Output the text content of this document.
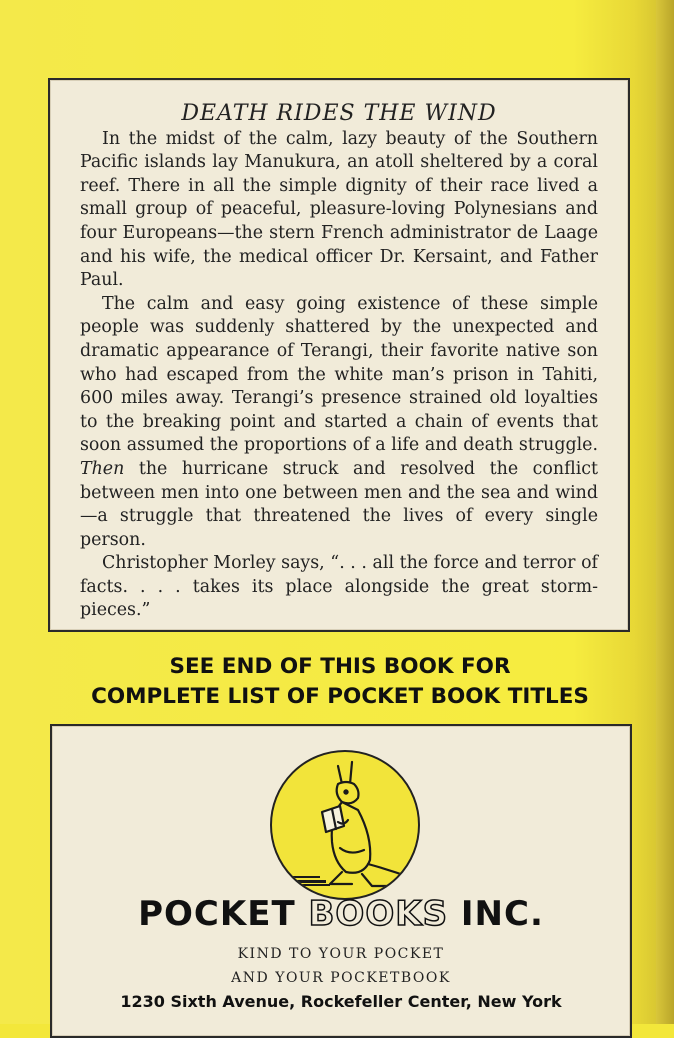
DEATH RIDES THE WIND

In the midst of the calm, lazy beauty of the Southern Pacific islands lay Manukura, an atoll sheltered by a coral reef. There in all the simple dignity of their race lived a small group of peaceful, pleasure-loving Polynesians and four Europeans—the stern French administrator de Laage and his wife, the medical officer Dr. Kersaint, and Father Paul.

The calm and easy going existence of these simple people was suddenly shattered by the unexpected and dramatic appearance of Terangi, their favorite native son who had escaped from the white man’s prison in Tahiti, 600 miles away. Terangi’s presence strained old loyalties to the breaking point and started a chain of events that soon assumed the proportions of a life and death struggle. Then the hurricane struck and resolved the conflict between men into one between men and the sea and wind—a struggle that threatened the lives of every single person.

Christopher Morley says, “. . . all the force and terror of facts. . . . takes its place alongside the great storm-pieces.”

SEE END OF THIS BOOK FOR
COMPLETE LIST OF POCKET BOOK TITLES
POCKET BOOKS INC.
KIND TO YOUR POCKET
AND YOUR POCKETBOOK
1230 Sixth Avenue, Rockefeller Center, New York
